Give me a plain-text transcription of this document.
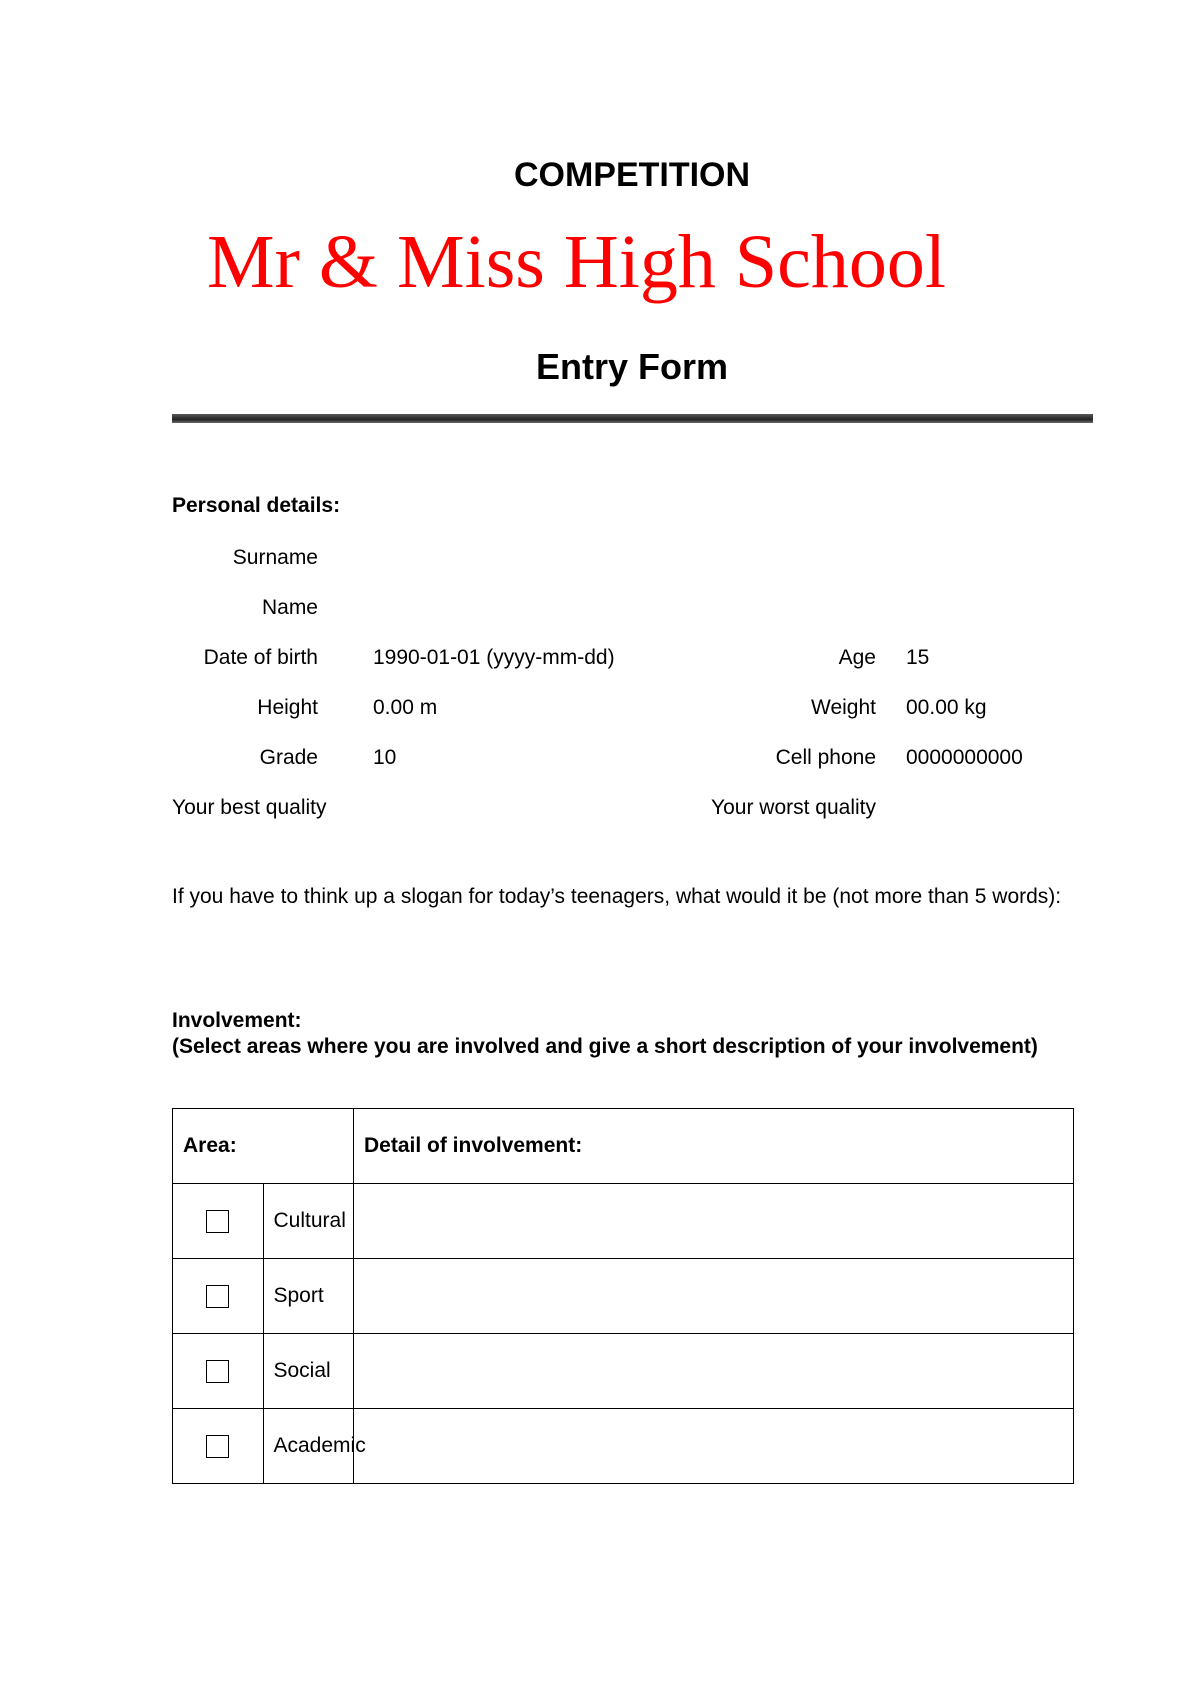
COMPETITION
Mr & Miss High School
Entry Form
Personal details:
Surname
Name
Date of birth	1990-01-01 (yyyy-mm-dd)	Age 15
Height	0.00 m	Weight 00.00 kg
Grade	10	Cell phone 0000000000
Your best quality	Your worst quality
If you have to think up a slogan for today’s teenagers, what would it be (not more than 5 words):
Involvement:
(Select areas where you are involved and give a short description of your involvement)
Area:		Detail of involvement:
	Cultural	
	Sport	
	Social	
	Academic	
